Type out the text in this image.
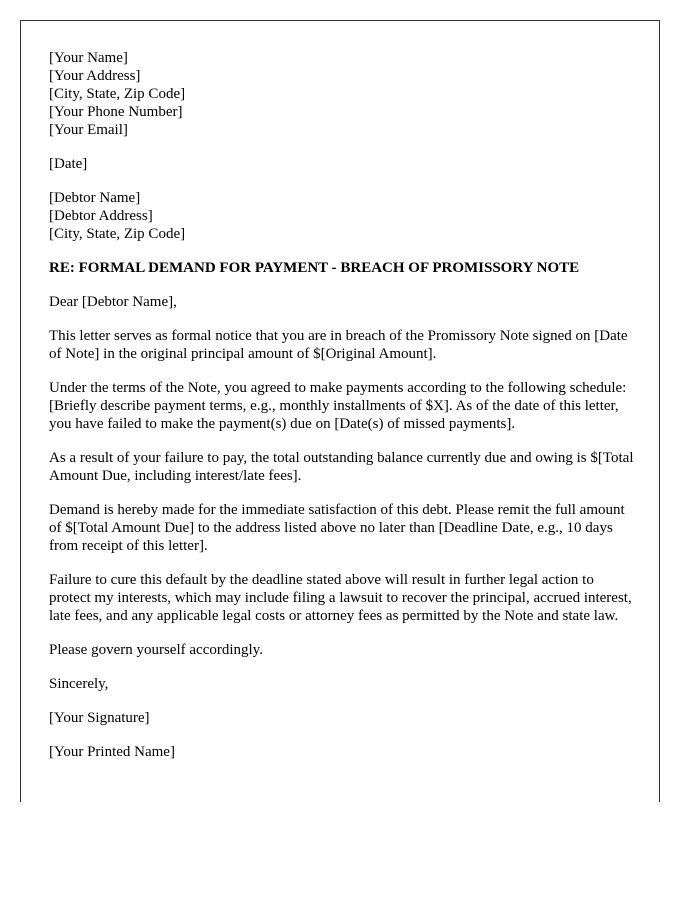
[Your Name]
[Your Address]
[City, State, Zip Code]
[Your Phone Number]
[Your Email]

[Date]

[Debtor Name]
[Debtor Address]
[City, State, Zip Code]

RE: FORMAL DEMAND FOR PAYMENT - BREACH OF PROMISSORY NOTE

Dear [Debtor Name],

This letter serves as formal notice that you are in breach of the Promissory Note signed on [Date of Note] in the original principal amount of $[Original Amount].

Under the terms of the Note, you agreed to make payments according to the following schedule: [Briefly describe payment terms, e.g., monthly installments of $X]. As of the date of this letter, you have failed to make the payment(s) due on [Date(s) of missed payments].

As a result of your failure to pay, the total outstanding balance currently due and owing is $[Total Amount Due, including interest/late fees].

Demand is hereby made for the immediate satisfaction of this debt. Please remit the full amount of $[Total Amount Due] to the address listed above no later than [Deadline Date, e.g., 10 days from receipt of this letter].

Failure to cure this default by the deadline stated above will result in further legal action to protect my interests, which may include filing a lawsuit to recover the principal, accrued interest, late fees, and any applicable legal costs or attorney fees as permitted by the Note and state law.

Please govern yourself accordingly.

Sincerely,

[Your Signature]

[Your Printed Name]
